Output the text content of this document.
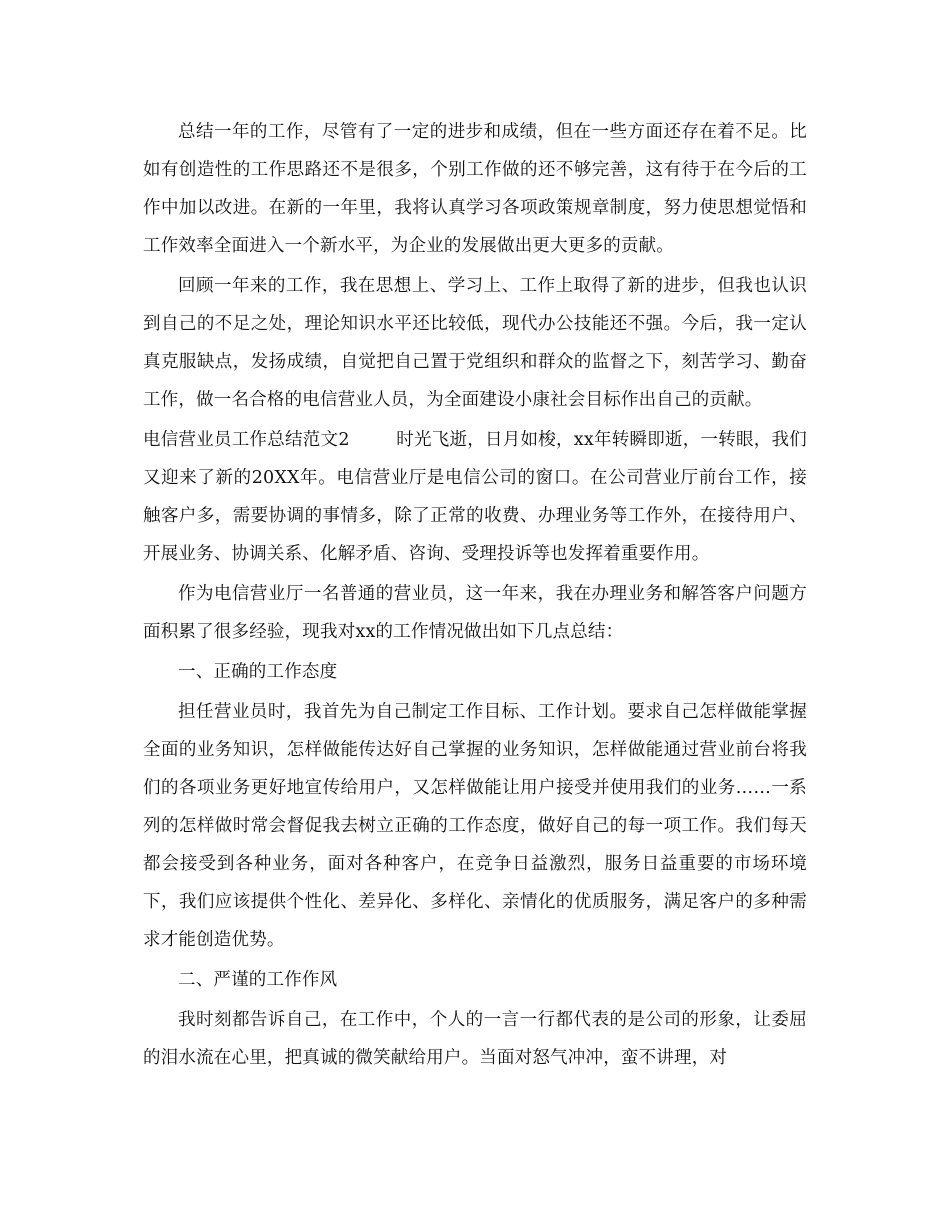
总结一年的工作，尽管有了一定的进步和成绩，但在一些方面还存在着不足。比如有创造性的工作思路还不是很多，个别工作做的还不够完善，这有待于在今后的工作中加以改进。在新的一年里，我将认真学习各项政策规章制度，努力使思想觉悟和工作效率全面进入一个新水平，为企业的发展做出更大更多的贡献。

回顾一年来的工作，我在思想上、学习上、工作上取得了新的进步，但我也认识到自己的不足之处，理论知识水平还比较低，现代办公技能还不强。今后，我一定认真克服缺点，发扬成绩，自觉把自己置于党组织和群众的监督之下，刻苦学习、勤奋工作，做一名合格的电信营业人员，为全面建设小康社会目标作出自己的贡献。

电信营业员工作总结范文2	时光飞逝，日月如梭，xx年转瞬即逝，一转眼，我们又迎来了新的20XX年。电信营业厅是电信公司的窗口。在公司营业厅前台工作，接触客户多，需要协调的事情多，除了正常的收费、办理业务等工作外，在接待用户、开展业务、协调关系、化解矛盾、咨询、受理投诉等也发挥着重要作用。

作为电信营业厅一名普通的营业员，这一年来，我在办理业务和解答客户问题方面积累了很多经验，现我对xx的工作情况做出如下几点总结：

一、正确的工作态度

担任营业员时，我首先为自己制定工作目标、工作计划。要求自己怎样做能掌握全面的业务知识，怎样做能传达好自己掌握的业务知识，怎样做能通过营业前台将我们的各项业务更好地宣传给用户，又怎样做能让用户接受并使用我们的业务……一系列的怎样做时常会督促我去树立正确的工作态度，做好自己的每一项工作。我们每天都会接受到各种业务，面对各种客户，在竞争日益激烈，服务日益重要的市场环境下，我们应该提供个性化、差异化、多样化、亲情化的优质服务，满足客户的多种需求才能创造优势。

二、严谨的工作作风

我时刻都告诉自己，在工作中，个人的一言一行都代表的是公司的形象，让委屈的泪水流在心里，把真诚的微笑献给用户。当面对怒气冲冲，蛮不讲理，对
